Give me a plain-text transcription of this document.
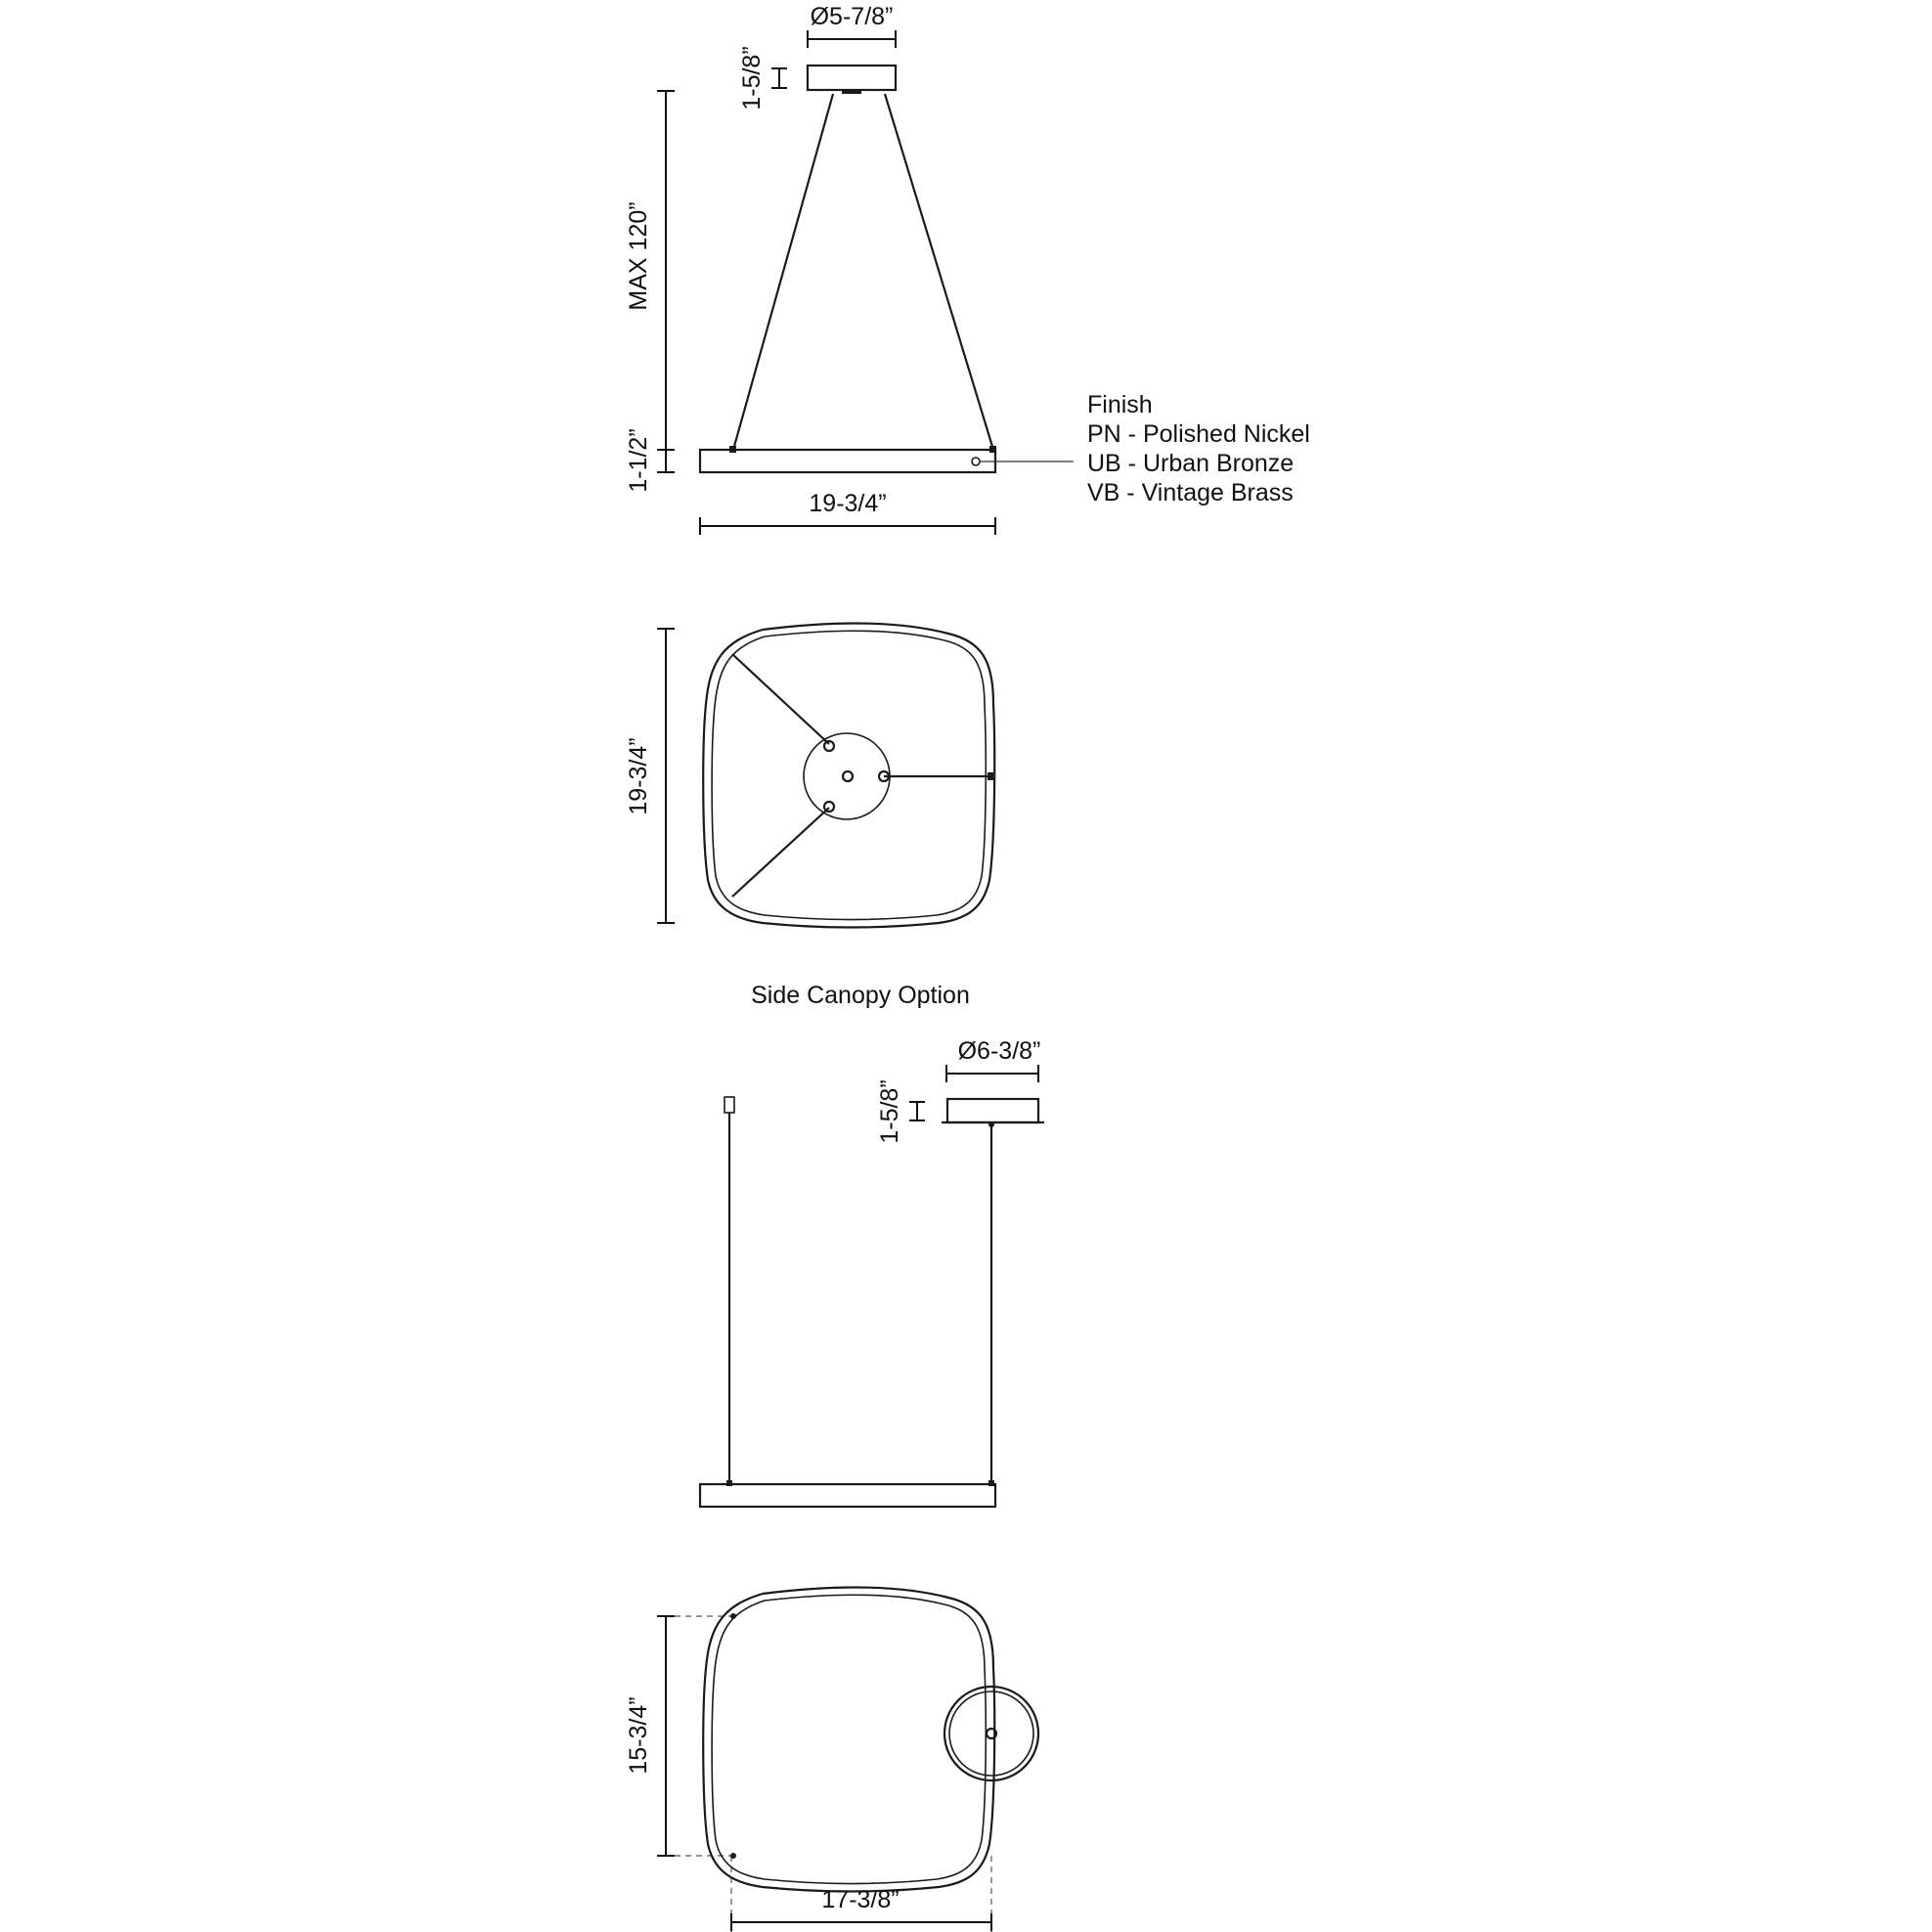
Ø5-7/8”
1-5/8”
MAX 120”
1-1/2”
19-3/4”
Finish
PN - Polished Nickel
UB - Urban Bronze
VB - Vintage Brass
19-3/4”
Side Canopy Option
Ø6-3/8”
1-5/8”
15-3/4”
17-3/8”
